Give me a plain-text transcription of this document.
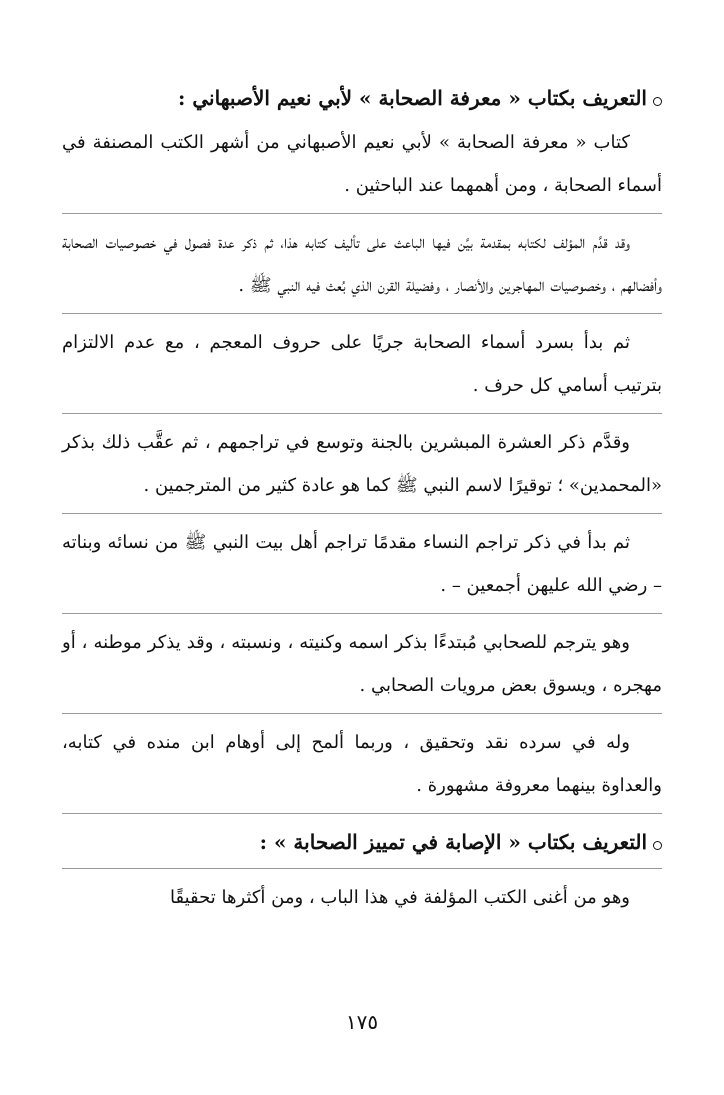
التعريف بكتاب « معرفة الصحابة » لأبي نعيم الأصبهاني :

كتاب « معرفة الصحابة » لأبي نعيم الأصبهاني من أشهر الكتب المصنفة في أسماء الصحابة ، ومن أهمهما عند الباحثين .

وقد قدَّم المؤلف لكتابه بمقدمة بيَّن فيها الباعث على تأليف كتابه هذا، ثم ذكر عدة فصول في خصوصيات الصحابة وأفضالهم ، وخصوصيات المهاجرين والأنصار ، وفضيلة القرن الذي بُعث فيه النبي ﷺ .

ثم بدأ بسرد أسماء الصحابة جريًا على حروف المعجم ، مع عدم الالتزام بترتيب أسامي كل حرف .

وقدَّم ذكر العشرة المبشرين بالجنة وتوسع في تراجمهم ، ثم عقَّب ذلك بذكر «المحمدين» ؛ توقيرًا لاسم النبي ﷺ كما هو عادة كثير من المترجمين .

ثم بدأ في ذكر تراجم النساء مقدمًا تراجم أهل بيت النبي ﷺ من نسائه وبناته – رضي الله عليهن أجمعين – .

وهو يترجم للصحابي مُبتدءًا بذكر اسمه وكنيته ، ونسبته ، وقد يذكر موطنه ، أو مهجره ، ويسوق بعض مرويات الصحابي .

وله في سرده نقد وتحقيق ، وربما ألمح إلى أوهام ابن منده في كتابه، والعداوة بينهما معروفة مشهورة .

التعريف بكتاب « الإصابة في تمييز الصحابة » :

وهو من أغنى الكتب المؤلفة في هذا الباب ، ومن أكثرها تحقيقًا

١٧٥
